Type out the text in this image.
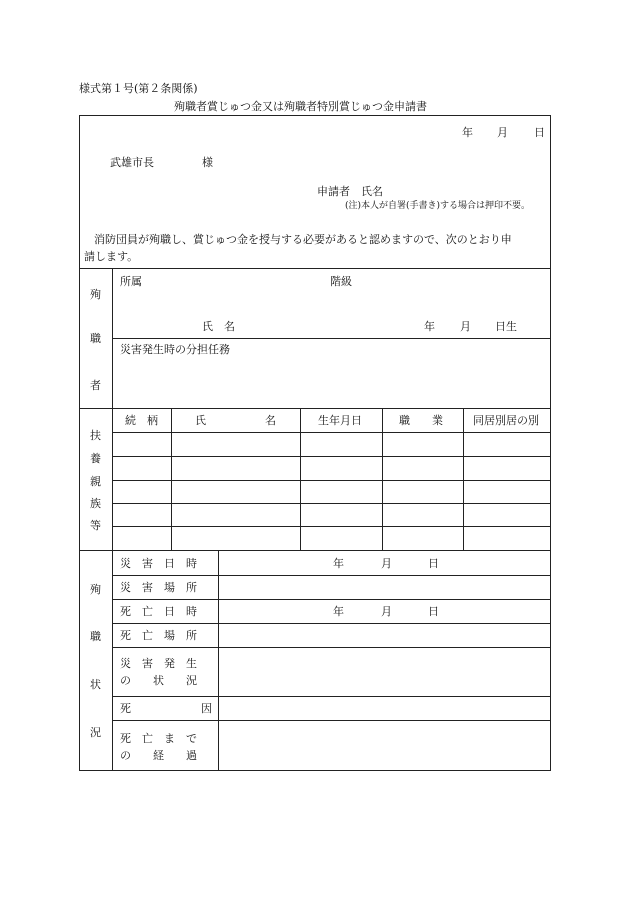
様式第１号(第２条関係)
殉職者賞じゅつ金又は殉職者特別賞じゅつ金申請書
年 月 日
武雄市長	様
申請者　氏名
(注)本人が自署(手書き)する場合は押印不要。
消防団員が殉職し、賞じゅつ金を授与する必要があると認めますので、次のとおり申
請します。
殉
職
者
所属	階級
氏　名	年 月 日生
災害発生時の分担任務
扶
養
親
族
等
続　柄	氏	名	生年月日	職　　業	同居別居の別
殉
職
状
況
災　害　日　時	年	月	日
災　害　場　所
死　亡　日　時	年	月	日
死　亡　場　所
災　害　発　生
の　　状　　況
死	因
死　亡　ま　で
の　　経　　過
